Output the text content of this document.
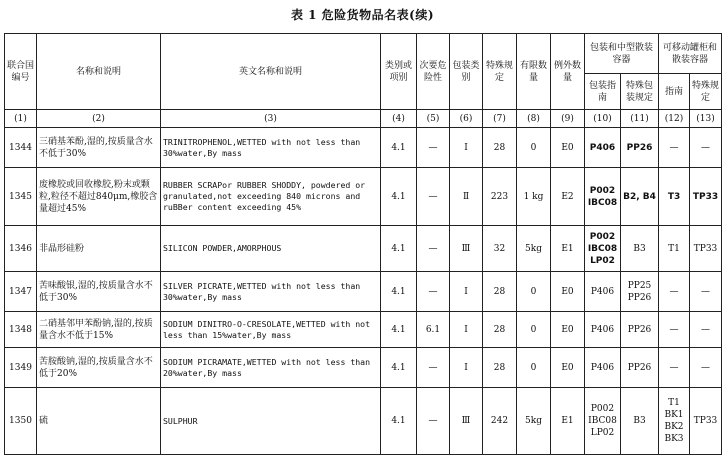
表 1 危险货物品名表(续)
联合国编号	名称和说明	英文名称和说明	类别或项别	次要危险性	包装类别	特殊规定	有限数量	例外数量	包装和中型散装容器		可移动罐柜和散装容器	
									包装指南	特殊包装规定	指南	特殊规定
(1)	(2)	(3)	(4)	(5)	(6)	(7)	(8)	(9)	(10)	(11)	(12)	(13)
1344	三硝基苯酚,湿的,按质量含水不低于30%	TRINITROPHENOL,WETTED with not less than 30%water,By mass	4.1	—	Ⅰ	28	0	E0	P406	PP26	—	—
1345	废橡胶或回收橡胶,粉末或颗粒,粒径不超过840μm,橡胶含量超过45%	RUBBER SCRAPor RUBBER SHODDY, powdered or granulated,not exceeding 840 microns and ruBBer content exceeding 45%	4.1	—	Ⅱ	223	1 kg	E2	P002 IBC08	B2, B4	T3	TP33
1346	非晶形硅粉	SILICON POWDER,AMORPHOUS	4.1	—	Ⅲ	32	5kg	E1	P002 IBC08 LP02	B3	T1	TP33
1347	苦味酸银,湿的,按质量含水不低于30%	SILVER PICRATE,WETTED with not less than 30%water,By mass	4.1	—	Ⅰ	28	0	E0	P406	PP25 PP26	—	—
1348	二硝基邻甲苯酚钠,湿的,按质量含水不低于15%	SODIUM DINITRO-O-CRESOLATE,WETTED with not less than 15%water,By mass	4.1	6.1	Ⅰ	28	0	E0	P406	PP26	—	—
1349	苦胺酸钠,湿的,按质量含水不低于20%	SODIUM PICRAMATE,WETTED with not less than 20%water,By mass	4.1	—	Ⅰ	28	0	E0	P406	PP26	—	—
1350	硫	SULPHUR	4.1	—	Ⅲ	242	5kg	E1	P002 IBC08 LP02	B3	T1 BK1 BK2 BK3	TP33
